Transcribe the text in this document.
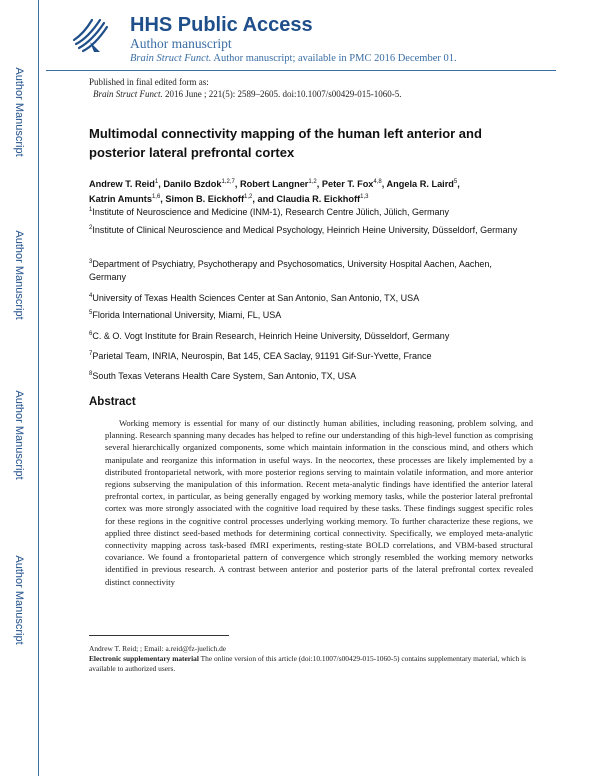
Author Manuscript
Author Manuscript
Author Manuscript
Author Manuscript
HHS Public Access
Author manuscript
Brain Struct Funct. Author manuscript; available in PMC 2016 December 01.
Published in final edited form as:
Brain Struct Funct. 2016 June ; 221(5): 2589–2605. doi:10.1007/s00429-015-1060-5.
Multimodal connectivity mapping of the human left anterior and posterior lateral prefrontal cortex
Andrew T. Reid$^1$, Danilo Bzdok$^{1,2,7}$, Robert Langner$^{1,2}$, Peter T. Fox$^{4,8}$, Angela R. Laird$^5$,
Katrin Amunts$^{1,6}$, Simon B. Eickhoff$^{1,2}$, and Claudia R. Eickhoff$^{1,3}$
$^1$Institute of Neuroscience and Medicine (INM-1), Research Centre Jülich, Jülich, Germany
$^2$Institute of Clinical Neuroscience and Medical Psychology, Heinrich Heine University, Düsseldorf, Germany
$^3$Department of Psychiatry, Psychotherapy and Psychosomatics, University Hospital Aachen, Aachen, Germany
$^4$University of Texas Health Sciences Center at San Antonio, San Antonio, TX, USA
$^5$Florida International University, Miami, FL, USA
$^6$C. & O. Vogt Institute for Brain Research, Heinrich Heine University, Düsseldorf, Germany
$^7$Parietal Team, INRIA, Neurospin, Bat 145, CEA Saclay, 91191 Gif-Sur-Yvette, France
$^8$South Texas Veterans Health Care System, San Antonio, TX, USA
Abstract
Working memory is essential for many of our distinctly human abilities, including reasoning, problem solving, and planning. Research spanning many decades has helped to refine our understanding of this high-level function as comprising several hierarchically organized components, some which maintain information in the conscious mind, and others which manipulate and reorganize this information in useful ways. In the neocortex, these processes are likely implemented by a distributed frontoparietal network, with more posterior regions serving to maintain volatile information, and more anterior regions subserving the manipulation of this information. Recent meta-analytic findings have identified the anterior lateral prefrontal cortex, in particular, as being generally engaged by working memory tasks, while the posterior lateral prefrontal cortex was more strongly associated with the cognitive load required by these tasks. These findings suggest specific roles for these regions in the cognitive control processes underlying working memory. To further characterize these regions, we applied three distinct seed-based methods for determining cortical connectivity. Specifically, we employed meta-analytic connectivity mapping across task-based fMRI experiments, resting-state BOLD correlations, and VBM-based structural covariance. We found a frontoparietal pattern of convergence which strongly resembled the working memory networks identified in previous research. A contrast between anterior and posterior parts of the lateral prefrontal cortex revealed distinct connectivity
Andrew T. Reid; ; Email: a.reid@fz-juelich.de
Electronic supplementary material The online version of this article (doi:10.1007/s00429-015-1060-5) contains supplementary material, which is available to authorized users.
